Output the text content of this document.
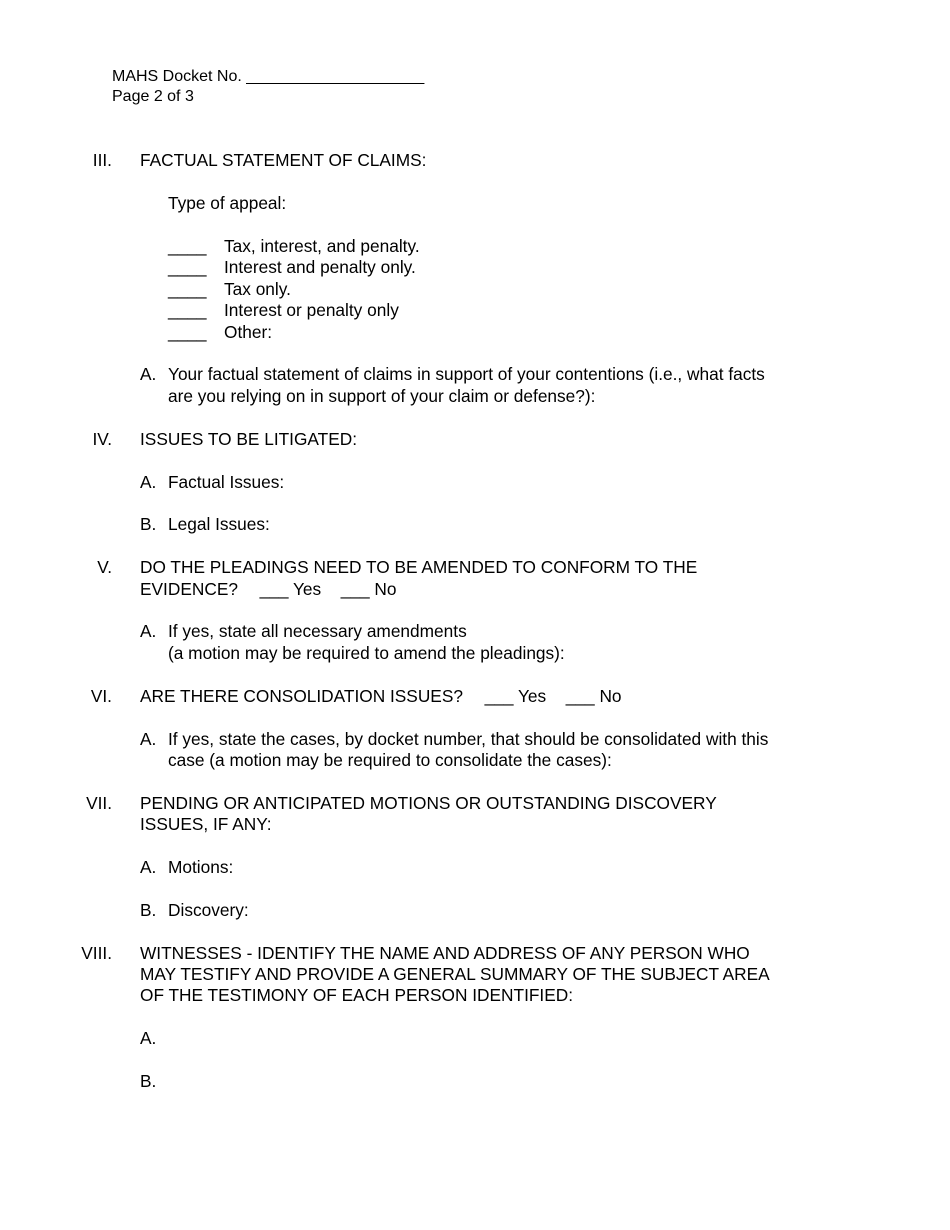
MAHS Docket No. ____________________
Page 2 of 3
III. FACTUAL STATEMENT OF CLAIMS:
Type of appeal:
____ Tax, interest, and penalty.
____ Interest and penalty only.
____ Tax only.
____ Interest or penalty only
____ Other:
A. Your factual statement of claims in support of your contentions (i.e., what facts
are you relying on in support of your claim or defense?):
IV. ISSUES TO BE LITIGATED:
A. Factual Issues:
B. Legal Issues:
V. DO THE PLEADINGS NEED TO BE AMENDED TO CONFORM TO THE
EVIDENCE? ___ Yes ___ No
A. If yes, state all necessary amendments
(a motion may be required to amend the pleadings):
VI. ARE THERE CONSOLIDATION ISSUES? ___ Yes ___ No
A. If yes, state the cases, by docket number, that should be consolidated with this
case (a motion may be required to consolidate the cases):
VII. PENDING OR ANTICIPATED MOTIONS OR OUTSTANDING DISCOVERY
ISSUES, IF ANY:
A. Motions:
B. Discovery:
VIII. WITNESSES - IDENTIFY THE NAME AND ADDRESS OF ANY PERSON WHO
MAY TESTIFY AND PROVIDE A GENERAL SUMMARY OF THE SUBJECT AREA
OF THE TESTIMONY OF EACH PERSON IDENTIFIED:
A.
B.
